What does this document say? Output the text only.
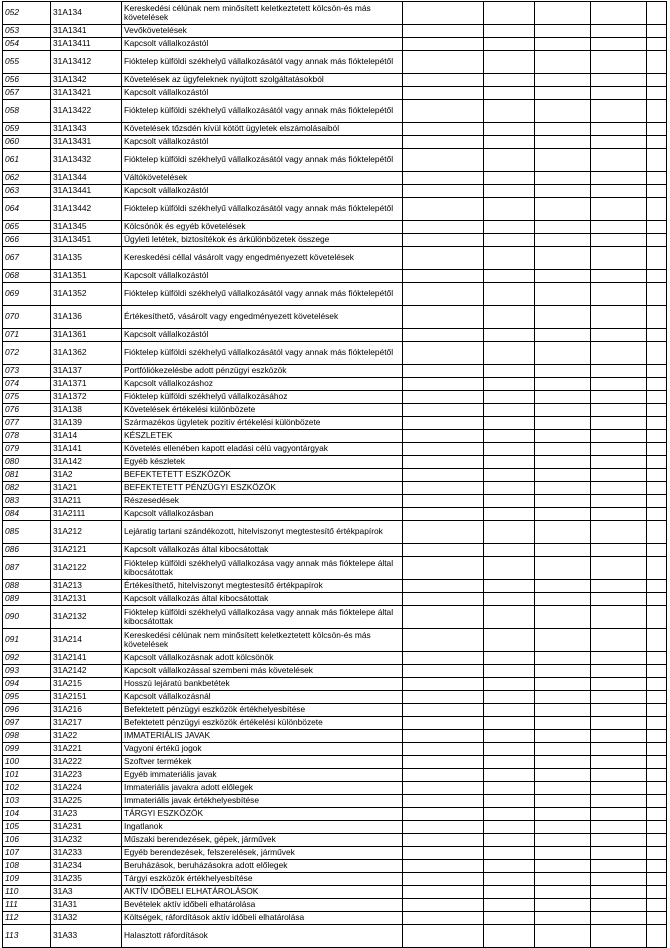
052	31A134	Kereskedési célúnak nem minősített keletkeztetett kölcsön-és más követelések					
053	31A1341	Vevőkövetelések					
054	31A13411	Kapcsolt vállalkozástól					
055	31A13412	Fióktelep külföldi székhelyű vállalkozásától vagy annak más fióktelepétől					
056	31A1342	Követelések az ügyfeleknek nyújtott szolgáltatásokból					
057	31A13421	Kapcsolt vállalkozástól					
058	31A13422	Fióktelep külföldi székhelyű vállalkozásától vagy annak más fióktelepétől					
059	31A1343	Követelések tőzsdén kívül kötött ügyletek elszámolásaiból					
060	31A13431	Kapcsolt vállalkozástól					
061	31A13432	Fióktelep külföldi székhelyű vállalkozásától vagy annak más fióktelepétől					
062	31A1344	Váltókövetelések					
063	31A13441	Kapcsolt vállalkozástól					
064	31A13442	Fióktelep külföldi székhelyű vállalkozásától vagy annak más fióktelepétől					
065	31A1345	Kölcsönök és egyéb követelések					
066	31A13451	Ügyleti letétek, biztosítékok és árkülönbözetek összege					
067	31A135	Kereskedési céllal vásárolt vagy engedményezett követelések					
068	31A1351	Kapcsolt vállalkozástól					
069	31A1352	Fióktelep külföldi székhelyű vállalkozásától vagy annak más fióktelepétől					
070	31A136	Értékesíthető, vásárolt vagy engedményezett követelések					
071	31A1361	Kapcsolt vállalkozástól					
072	31A1362	Fióktelep külföldi székhelyű vállalkozásától vagy annak más fióktelepétől					
073	31A137	Portfóliókezelésbe adott pénzügyi eszközök					
074	31A1371	Kapcsolt vállalkozáshoz					
075	31A1372	Fióktelep külföldi székhelyű vállalkozásához					
076	31A138	Követelések értékelési különbözete					
077	31A139	Származékos ügyletek pozitív értékelési különbözete					
078	31A14	KÉSZLETEK					
079	31A141	Követelés ellenében kapott eladási célú vagyontárgyak					
080	31A142	Egyéb készletek					
081	31A2	BEFEKTETETT ESZKÖZÖK					
082	31A21	BEFEKTETETT PÉNZÜGYI ESZKÖZÖK					
083	31A211	Részesedések					
084	31A2111	Kapcsolt vállalkozásban					
085	31A212	Lejáratig tartani szándékozott, hitelviszonyt megtestesítő értékpapírok					
086	31A2121	Kapcsolt vállalkozás által kibocsátottak					
087	31A2122	Fióktelep külföldi székhelyű vállalkozása vagy annak más fióktelepe által kibocsátottak					
088	31A213	Értékesíthető, hitelviszonyt megtestesítő értékpapírok					
089	31A2131	Kapcsolt vállalkozás által kibocsátottak					
090	31A2132	Fióktelep külföldi székhelyű vállalkozása vagy annak más fióktelepe által kibocsátottak					
091	31A214	Kereskedési célúnak nem minősített keletkeztetett kölcsön-és más követelések					
092	31A2141	Kapcsolt vállalkozásnak adott kölcsönök					
093	31A2142	Kapcsolt vállalkozással szembeni más követelések					
094	31A215	Hosszú lejáratú bankbetétek					
095	31A2151	Kapcsolt vállalkozásnál					
096	31A216	Befektetett pénzügyi eszközök értékhelyesbítése					
097	31A217	Befektetett pénzügyi eszközök értékelési különbözete					
098	31A22	IMMATERIÁLIS JAVAK					
099	31A221	Vagyoni értékű jogok					
100	31A222	Szoftver termékek					
101	31A223	Egyéb immateriális javak					
102	31A224	Immateriális javakra adott előlegek					
103	31A225	Immateriális javak értékhelyesbítése					
104	31A23	TÁRGYI ESZKÖZÖK					
105	31A231	Ingatlanok					
106	31A232	Műszaki berendezések, gépek, járművek					
107	31A233	Egyéb berendezések, felszerelések, járművek					
108	31A234	Beruházások, beruházásokra adott előlegek					
109	31A235	Tárgyi eszközök értékhelyesbítése					
110	31A3	AKTÍV IDŐBELI ELHATÁROLÁSOK					
111	31A31	Bevételek aktív időbeli elhatárolása					
112	31A32	Költségek, ráfordítások aktív időbeli elhatárolása					
113	31A33	Halasztott ráfordítások					
